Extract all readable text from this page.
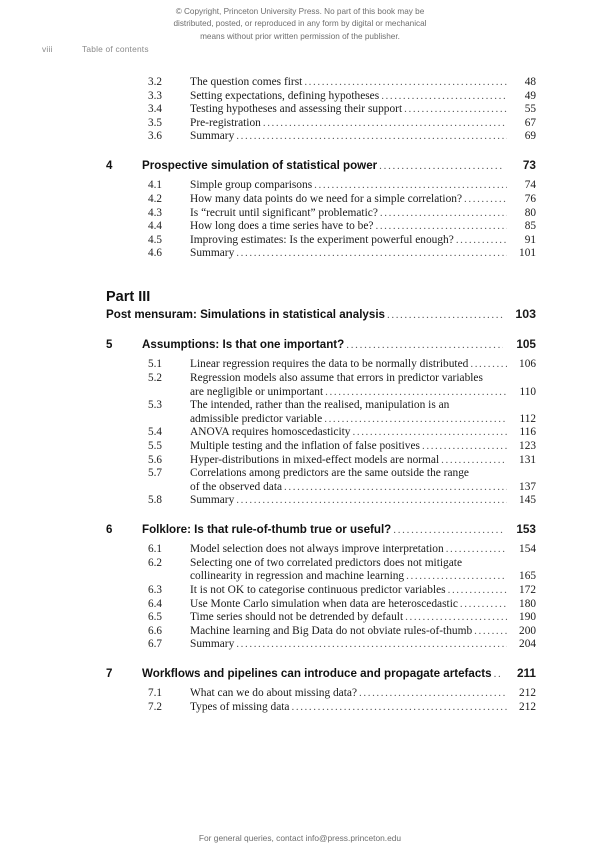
© Copyright, Princeton University Press. No part of this book may be
distributed, posted, or reproduced in any form by digital or mechanical
means without prior written permission of the publisher.
viii	Table of contents
3.2	The question comes first .....	48
3.3	Setting expectations, defining hypotheses .....	49
3.4	Testing hypotheses and assessing their support .....	55
3.5	Pre-registration .....	67
3.6	Summary .....	69
4	Prospective simulation of statistical power .....	73
4.1	Simple group comparisons .....	74
4.2	How many data points do we need for a simple correlation? .....	76
4.3	Is “recruit until significant” problematic? .....	80
4.4	How long does a time series have to be? .....	85
4.5	Improving estimates: Is the experiment powerful enough? .....	91
4.6	Summary .....	101
Part III
Post mensuram: Simulations in statistical analysis .....	103
5	Assumptions: Is that one important? .....	105
5.1	Linear regression requires the data to be normally distributed .....	106
5.2	Regression models also assume that errors in predictor variables
are negligible or unimportant .....	110
5.3	The intended, rather than the realised, manipulation is an
admissible predictor variable .....	112
5.4	ANOVA requires homoscedasticity .....	116
5.5	Multiple testing and the inflation of false positives .....	123
5.6	Hyper-distributions in mixed-effect models are normal .....	131
5.7	Correlations among predictors are the same outside the range
of the observed data .....	137
5.8	Summary .....	145
6	Folklore: Is that rule-of-thumb true or useful? .....	153
6.1	Model selection does not always improve interpretation .....	154
6.2	Selecting one of two correlated predictors does not mitigate
collinearity in regression and machine learning .....	165
6.3	It is not OK to categorise continuous predictor variables .....	172
6.4	Use Monte Carlo simulation when data are heteroscedastic .....	180
6.5	Time series should not be detrended by default .....	190
6.6	Machine learning and Big Data do not obviate rules-of-thumb .....	200
6.7	Summary .....	204
7	Workflows and pipelines can introduce and propagate artefacts .....	211
7.1	What can we do about missing data? .....	212
7.2	Types of missing data .....	212
For general queries, contact info@press.princeton.edu
